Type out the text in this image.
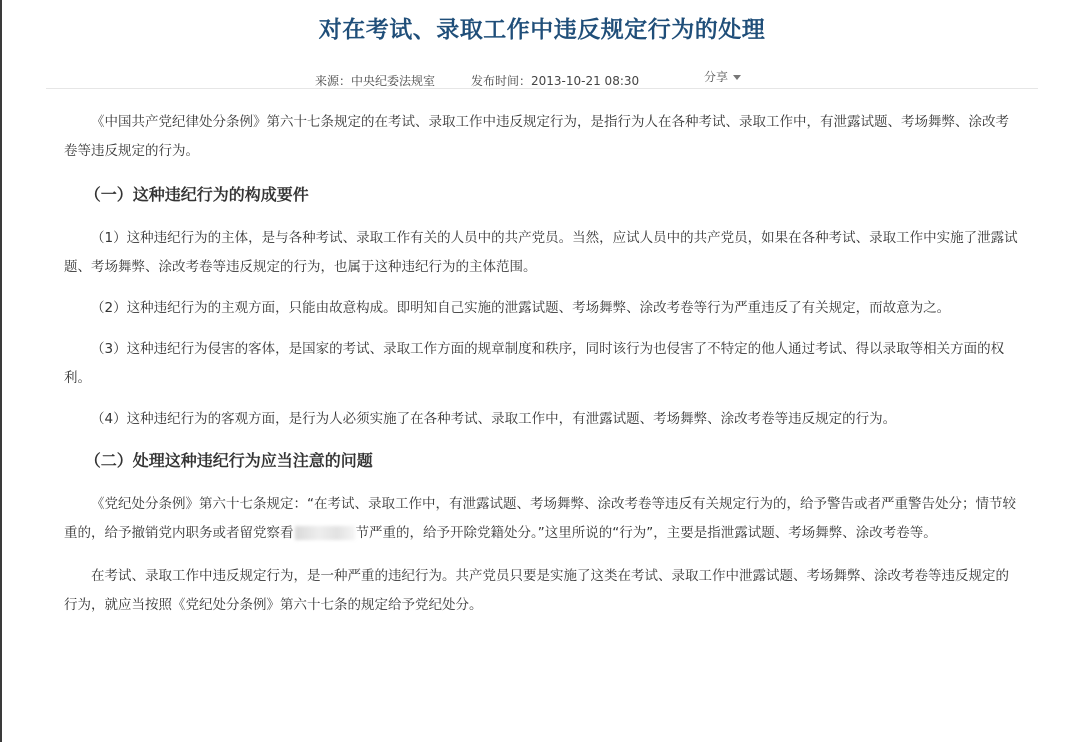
对在考试、录取工作中违反规定行为的处理
来源：中央纪委法规室	发布时间：2013-10-21 08:30	分享

《中国共产党纪律处分条例》第六十七条规定的在考试、录取工作中违反规定行为，是指行为人在各种考试、录取工作中，有泄露试题、考场舞弊、涂改考卷等违反规定的行为。

（一）这种违纪行为的构成要件

（1）这种违纪行为的主体，是与各种考试、录取工作有关的人员中的共产党员。当然，应试人员中的共产党员，如果在各种考试、录取工作中实施了泄露试题、考场舞弊、涂改考卷等违反规定的行为，也属于这种违纪行为的主体范围。

（2）这种违纪行为的主观方面，只能由故意构成。即明知自己实施的泄露试题、考场舞弊、涂改考卷等行为严重违反了有关规定，而故意为之。

（3）这种违纪行为侵害的客体，是国家的考试、录取工作方面的规章制度和秩序，同时该行为也侵害了不特定的他人通过考试、得以录取等相关方面的权利。

（4）这种违纪行为的客观方面，是行为人必须实施了在各种考试、录取工作中，有泄露试题、考场舞弊、涂改考卷等违反规定的行为。

（二）处理这种违纪行为应当注意的问题

《党纪处分条例》第六十七条规定：“在考试、录取工作中，有泄露试题、考场舞弊、涂改考卷等违反有关规定行为的，给予警告或者严重警告处分；情节较重的，给予撤销党内职务或者留党察看	节严重的，给予开除党籍处分。”这里所说的“行为”，主要是指泄露试题、考场舞弊、涂改考卷等。

在考试、录取工作中违反规定行为，是一种严重的违纪行为。共产党员只要是实施了这类在考试、录取工作中泄露试题、考场舞弊、涂改考卷等违反规定的行为，就应当按照《党纪处分条例》第六十七条的规定给予党纪处分。
